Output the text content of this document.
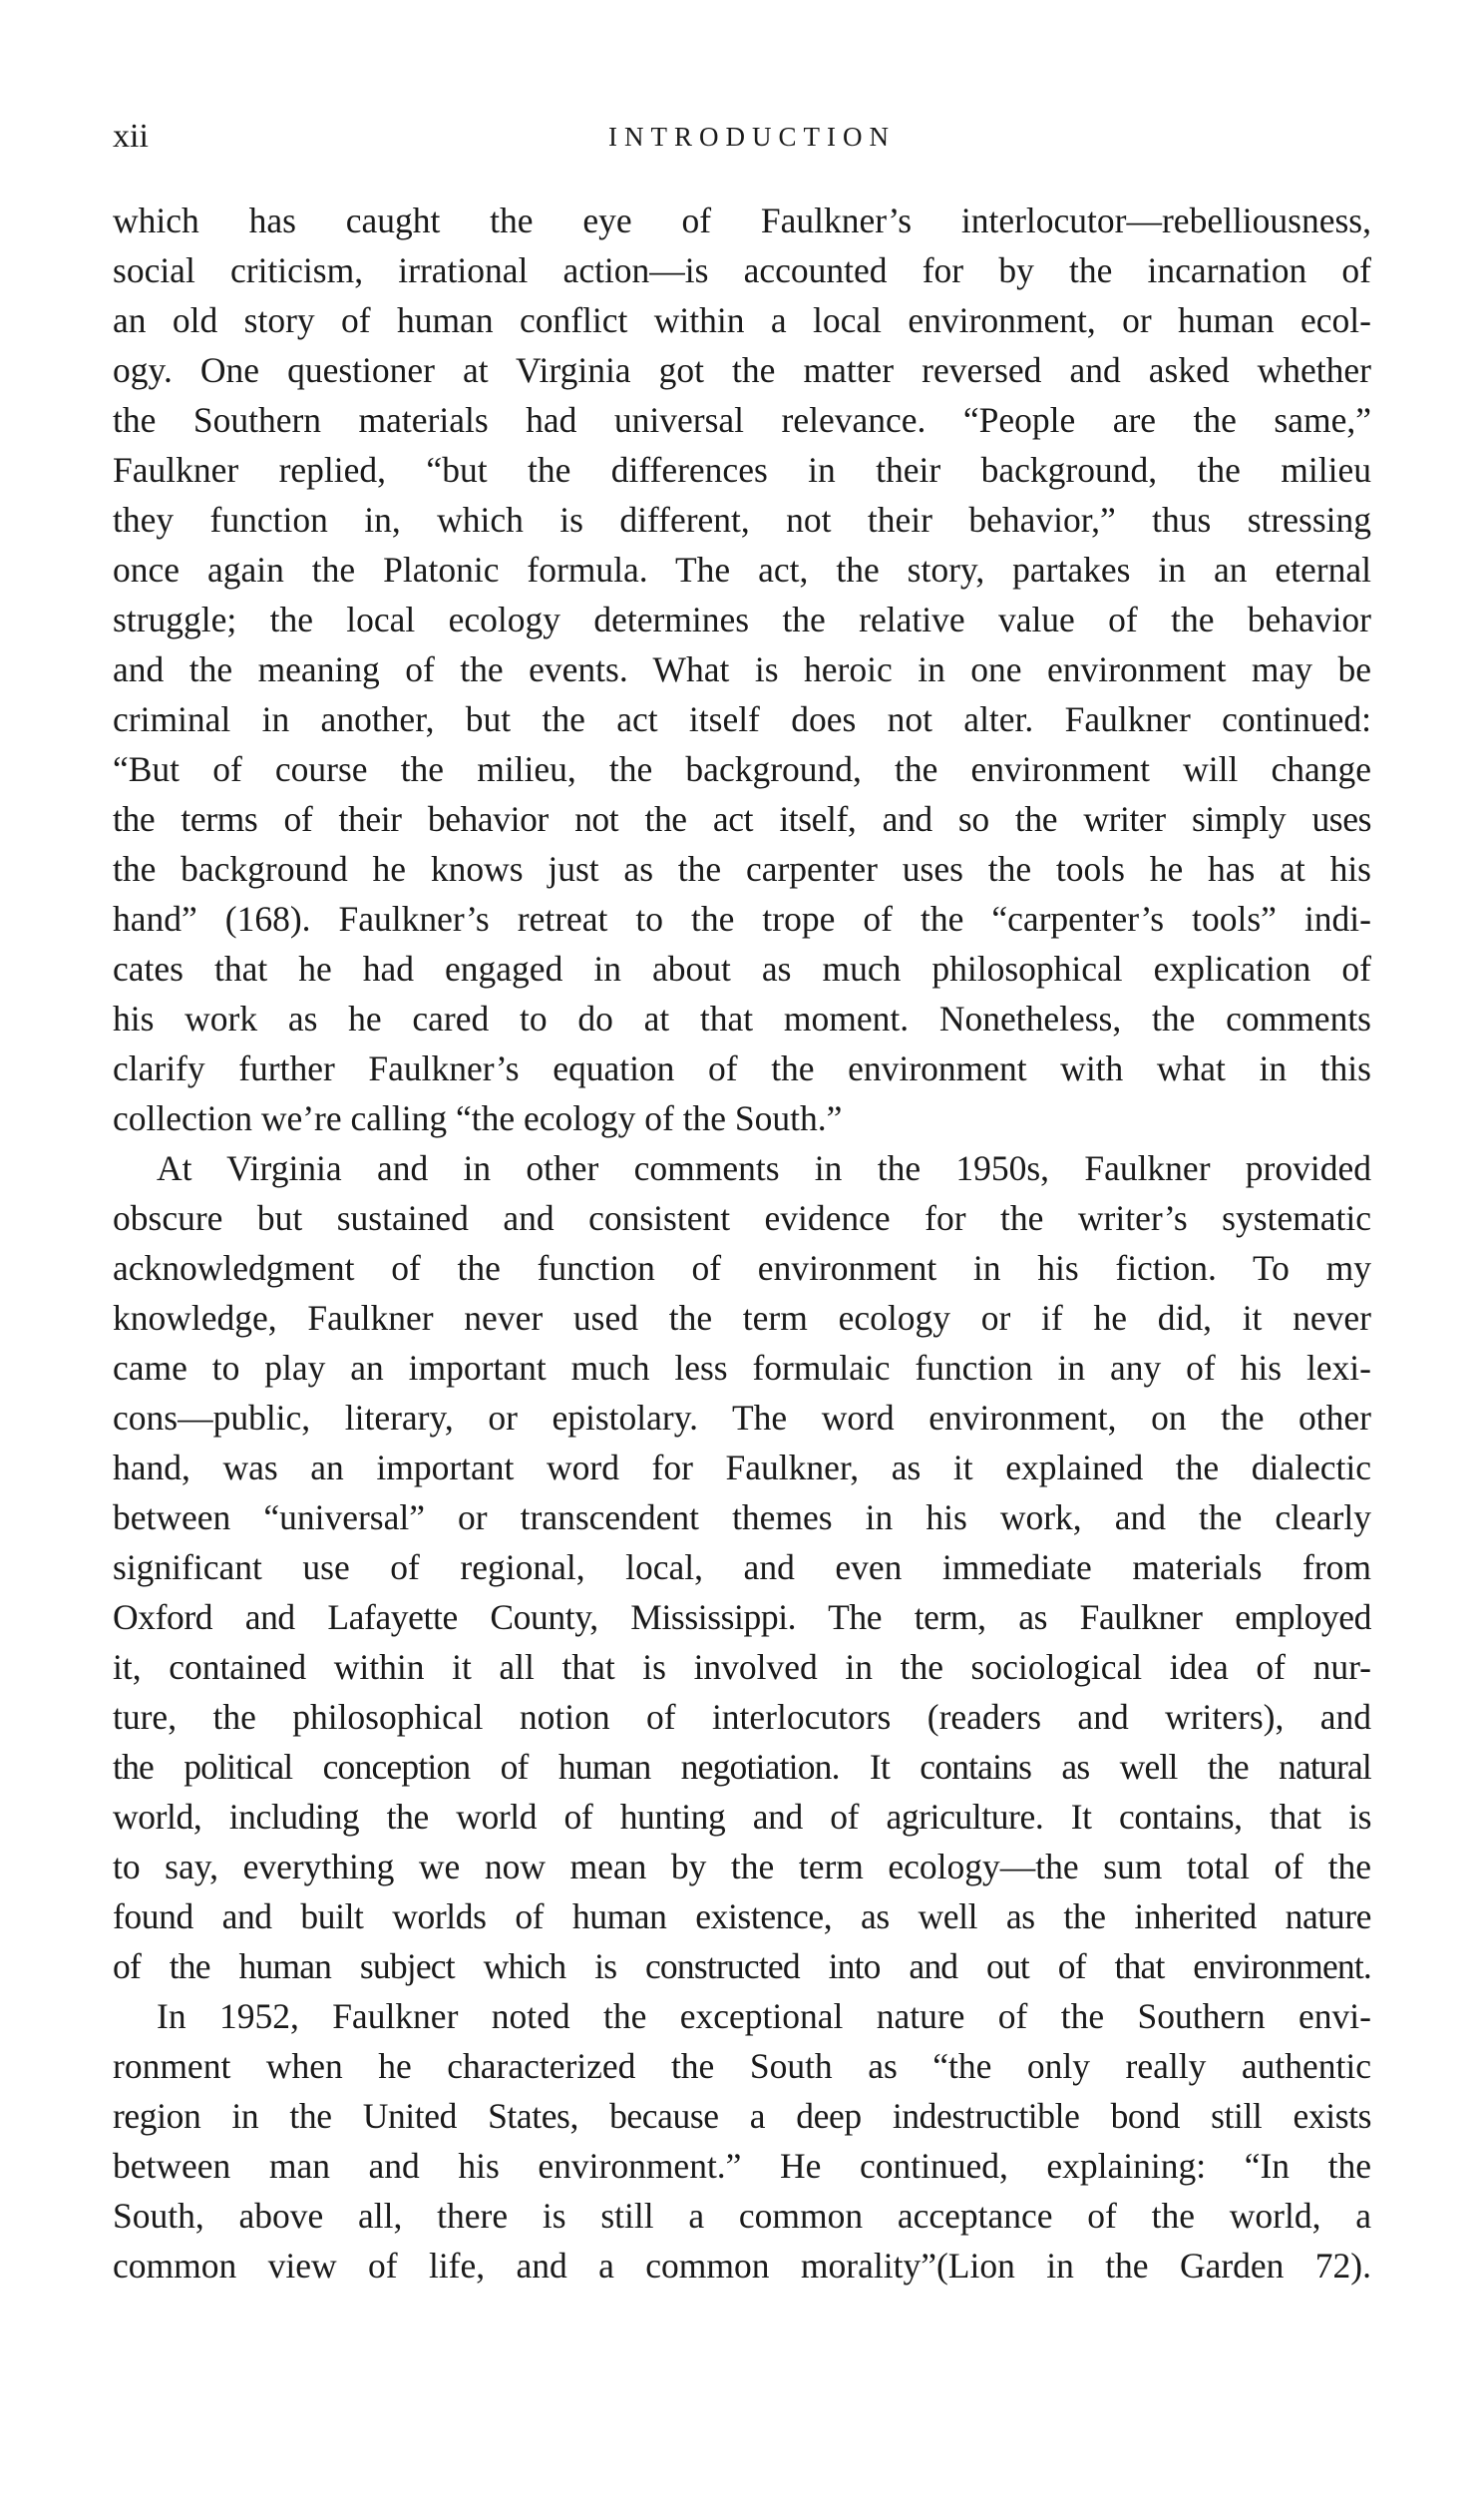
xii	INTRODUCTION
which has caught the eye of Faulkner’s interlocutor—rebelliousness,
social criticism, irrational action—is accounted for by the incarnation of
an old story of human conflict within a local environment, or human ecol-
ogy. One questioner at Virginia got the matter reversed and asked whether
the Southern materials had universal relevance. “People are the same,”
Faulkner replied, “but the differences in their background, the milieu
they function in, which is different, not their behavior,” thus stressing
once again the Platonic formula. The act, the story, partakes in an eternal
struggle; the local ecology determines the relative value of the behavior
and the meaning of the events. What is heroic in one environment may be
criminal in another, but the act itself does not alter. Faulkner continued:
“But of course the milieu, the background, the environment will change
the terms of their behavior not the act itself, and so the writer simply uses
the background he knows just as the carpenter uses the tools he has at his
hand” (168). Faulkner’s retreat to the trope of the “carpenter’s tools” indi-
cates that he had engaged in about as much philosophical explication of
his work as he cared to do at that moment. Nonetheless, the comments
clarify further Faulkner’s equation of the environment with what in this
collection we’re calling “the ecology of the South.”
At Virginia and in other comments in the 1950s, Faulkner provided
obscure but sustained and consistent evidence for the writer’s systematic
acknowledgment of the function of environment in his fiction. To my
knowledge, Faulkner never used the term ecology or if he did, it never
came to play an important much less formulaic function in any of his lexi-
cons—public, literary, or epistolary. The word environment, on the other
hand, was an important word for Faulkner, as it explained the dialectic
between “universal” or transcendent themes in his work, and the clearly
significant use of regional, local, and even immediate materials from
Oxford and Lafayette County, Mississippi. The term, as Faulkner employed
it, contained within it all that is involved in the sociological idea of nur-
ture, the philosophical notion of interlocutors (readers and writers), and
the political conception of human negotiation. It contains as well the natural
world, including the world of hunting and of agriculture. It contains, that is
to say, everything we now mean by the term ecology—the sum total of the
found and built worlds of human existence, as well as the inherited nature
of the human subject which is constructed into and out of that environment.
In 1952, Faulkner noted the exceptional nature of the Southern envi-
ronment when he characterized the South as “the only really authentic
region in the United States, because a deep indestructible bond still exists
between man and his environment.” He continued, explaining: “In the
South, above all, there is still a common acceptance of the world, a
common view of life, and a common morality”(Lion in the Garden 72).
